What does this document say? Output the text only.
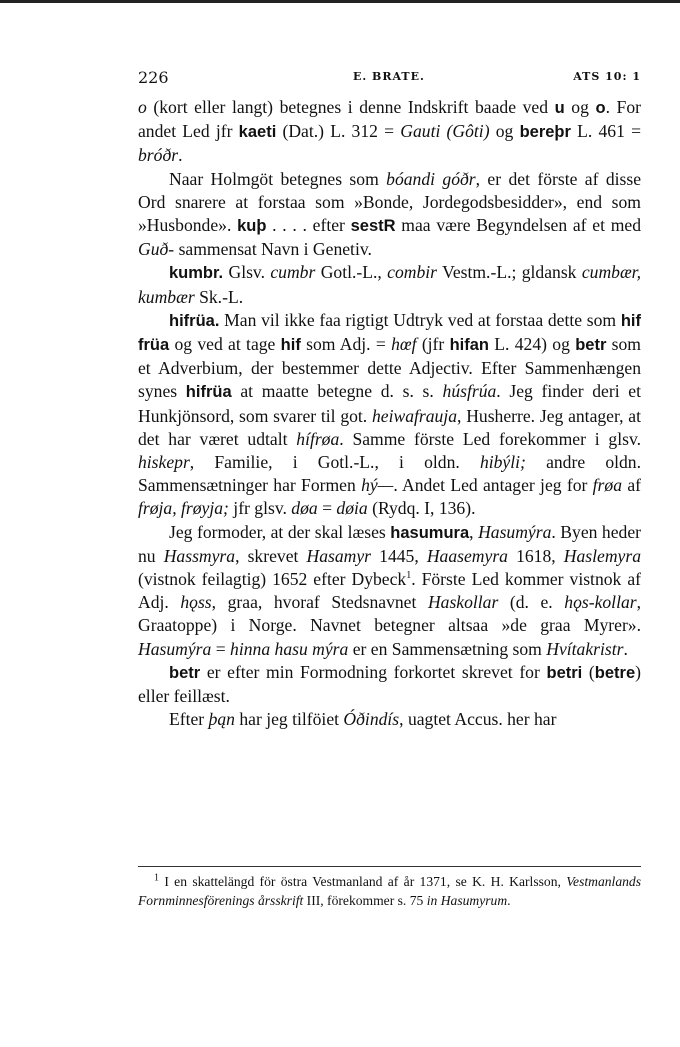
226	E. BRATE.	ATS 10: 1

o (kort eller langt) betegnes i denne Indskrift baade ved u og o. For andet Led jfr kaeti (Dat.) L. 312 = Gauti (Gôti) og bereþr L. 461 = bróðr.

Naar Holmgöt betegnes som bóandi góðr, er det förste af disse Ord snarere at forstaa som »Bonde, Jordegodsbesidder», end som »Husbonde». kuþ . . . . efter sestR maa være Begyndelsen af et med Guð- sammensat Navn i Genetiv.

kumbr. Glsv. cumbr Gotl.-L., combir Vestm.-L.; gldansk cumbær, kumbær Sk.-L.

hifrüa. Man vil ikke faa rigtigt Udtryk ved at forstaa dette som hif früa og ved at tage hif som Adj. = hœf (jfr hifan L. 424) og betr som et Adverbium, der bestemmer dette Adjectiv. Efter Sammenhængen synes hifrüa at maatte betegne d. s. s. húsfrúa. Jeg finder deri et Hunkjönsord, som svarer til got. heiwafrauja, Husherre. Jeg antager, at det har været udtalt hífrøa. Samme förste Led forekommer i glsv. hiskepr, Familie, i Gotl.-L., i oldn. hibýli; andre oldn. Sammensætninger har Formen hý—. Andet Led antager jeg for frøa af frøja, frøyja; jfr glsv. døa = døia (Rydq. I, 136).

Jeg formoder, at der skal læses hasumura, Hasumýra. Byen heder nu Hassmyra, skrevet Hasamyr 1445, Haasemyra 1618, Haslemyra (vistnok feilagtig) 1652 efter Dybeck$^1$. Förste Led kommer vistnok af Adj. hǫss, graa, hvoraf Stedsnavnet Haskollar (d. e. hǫs-kollar, Graatoppe) i Norge. Navnet betegner altsaa »de graa Myrer». Hasumýra = hinna hasu mýra er en Sammensætning som Hvítakristr.

betr er efter min Formodning forkortet skrevet for betri (betre) eller feillæst.

Efter þąn har jeg tilföiet Óðindís, uagtet Accus. her har

$^1$ I en skattelängd för östra Vestmanland af år 1371, se K. H. Karlsson, Vestmanlands Fornminnesförenings årsskrift III, förekommer s. 75 in Hasumyrum.
